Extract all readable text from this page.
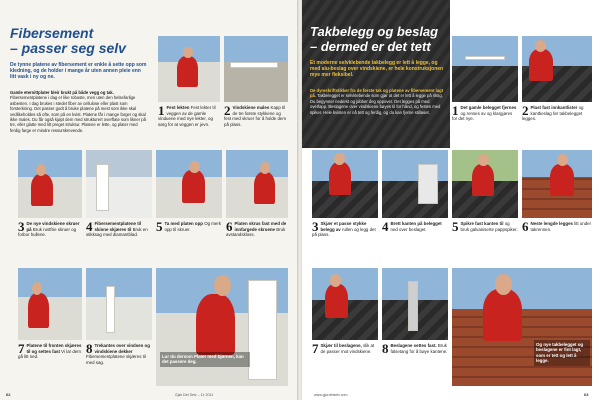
Fibersement
– passer seg selv
De tynne platene av fibersement er enkle å sette opp som kledning, og de holder i mange år uten annen pleie enn litt vask i ny og ne.
Gamle eternittplater bleir brukt på både vegg og tak. Fibersementplatene i dag er like robuste, men uten den helsefarlige asbesten. I dag brukes i stedet fiber av cellulose eller plast som forsterkning. Det passer godt å bruke platene på mest som ikke skal vedlikeholdes så ofte, som på en kvist. Platene får i mange farger og skal ikke males. Du får også kjøpt dem med strukturert overflate som likner på tre, eller glatte med litt preget struktur. Platene er lette, og plater med ferdig farge er mindre ressurskrevende.
1 Fest lekten Fest lekter til veggen av de gamle vinduene med nye lekter, og sørg for at veggen er jevn.
2 Vindskiene males Kapp til de tre første stykkene og fest med skruer for å holde dem på plass.
3 De nye vindskiene skruer på Bruk rustfrie skruer og forbor hullene.
4 Fibersementplatene til skinne skjæres til Bruk en stikksag med diamantblad.
5 Ta med platen opp Og merk opp til skruer.	6 Platen skrus fast med de innfargede skruene Bruk avstandskloss.
Lur du dersom Plater med bjørnen, kan det passere deg.
7 Platene til fronten skjæres til og settes fast Vi lar dem gå litt ned.
8 Trekantes over vindsen og vindskiene dekker Fibersementplatene skjæres til med sag.
62	Gjør Det Selv – 11·2011
Takbelegg og beslag
– dermed er det tett
Et moderne selvklebende takbelegg er lett å legge, og med alu-beslag over vindskiene, er hele konstruksjonen mye mer fleksibel.
De dyreskriftstikker fra de første tak og platene av fibersement lagt på. Takbelegget er selvklebende som gjør at det er lett å legge på riktig. Du begynner nederst og jobber deg oppover. Det legges på med overlapp. Beslagene over vindskiene bøyes til for hånd, og festes med spiker. Hele kvisten er nå tett og ferdig, og du kan fjerne stillaset.	1 Det gamle belegget fjernes og renses av og klargjøres for det nye.
2 Plast fast innkantlister og kantbeslag før takbelegget legges.
3 Skjær et passe stykke belegg av rullen og legg det på plass.
4 Brett kanten på belegget ned over beslaget.	5 Spikre fast kanten til og bruk galvaniserte pappspiker. 6 Neste lengde legges litt under takrennen.
Og nye takbelegget og beslagene er fint lagt, som er tett og lett å legge.
7 Skjær til beslagene, slik at de passer mot vindskiene. 8 Beslagene settes fast. Bruk falsetang for å bøye kantene.
www.gjordetselv.com	63
